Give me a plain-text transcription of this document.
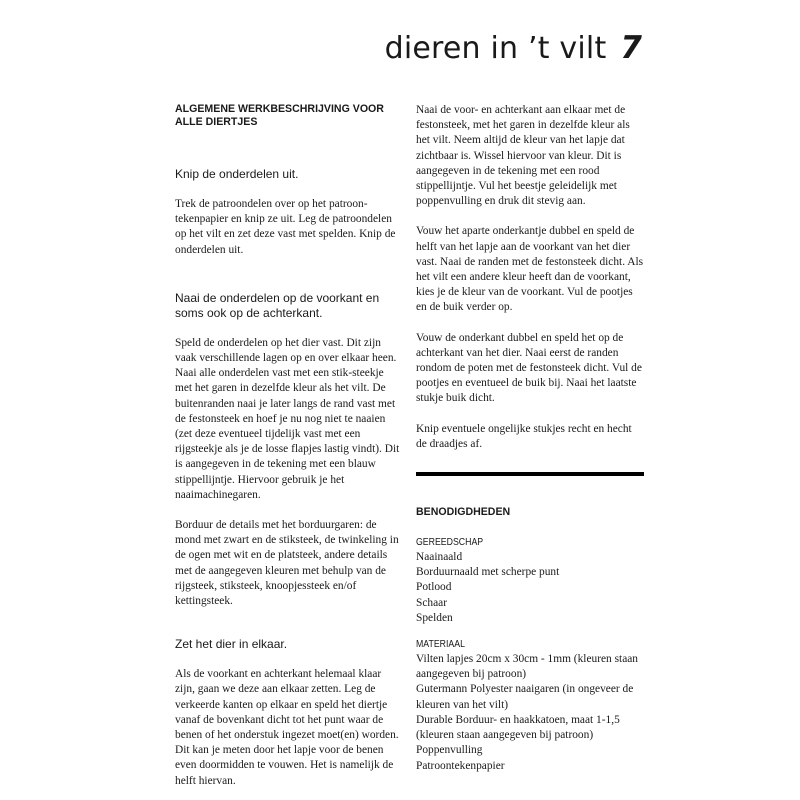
dieren in ’t vilt 7

ALGEMENE WERKBESCHRIJVING VOOR ALLE DIERTJES

Knip de onderdelen uit.

Trek de patroondelen over op het patroon-tekenpapier en knip ze uit. Leg de patroondelen op het vilt en zet deze vast met spelden. Knip de onderdelen uit.

Naai de onderdelen op de voorkant en soms ook op de achterkant.

Speld de onderdelen op het dier vast. Dit zijn vaak verschillende lagen op en over elkaar heen. Naai alle onderdelen vast met een stik-steekje met het garen in dezelfde kleur als het vilt. De buitenranden naai je later langs de rand vast met de festonsteek en hoef je nu nog niet te naaien (zet deze eventueel tijdelijk vast met een rijgsteekje als je de losse flapjes lastig vindt). Dit is aangegeven in de tekening met een blauw stippellijntje. Hiervoor gebruik je het naaimachinegaren.

Borduur de details met het borduurgaren: de mond met zwart en de stiksteek, de twinkeling in de ogen met wit en de platsteek, andere details met de aangegeven kleuren met behulp van de rijgsteek, stiksteek, knoopjessteek en/of kettingsteek.

Zet het dier in elkaar.

Als de voorkant en achterkant helemaal klaar zijn, gaan we deze aan elkaar zetten. Leg de verkeerde kanten op elkaar en speld het diertje vanaf de bovenkant dicht tot het punt waar de benen of het onderstuk ingezet moet(en) worden. Dit kan je meten door het lapje voor de benen even doormidden te vouwen. Het is namelijk de helft hiervan.

Naai de voor- en achterkant aan elkaar met de festonsteek, met het garen in dezelfde kleur als het vilt. Neem altijd de kleur van het lapje dat zichtbaar is. Wissel hiervoor van kleur. Dit is aangegeven in de tekening met een rood stippellijntje. Vul het beestje geleidelijk met poppenvulling en druk dit stevig aan.

Vouw het aparte onderkantje dubbel en speld de helft van het lapje aan de voorkant van het dier vast. Naai de randen met de festonsteek dicht. Als het vilt een andere kleur heeft dan de voorkant, kies je de kleur van de voorkant. Vul de pootjes en de buik verder op.

Vouw de onderkant dubbel en speld het op de achterkant van het dier. Naai eerst de randen rondom de poten met de festonsteek dicht. Vul de pootjes en eventueel de buik bij. Naai het laatste stukje buik dicht.

Knip eventuele ongelijke stukjes recht en hecht de draadjes af.

BENODIGDHEDEN

GEREEDSCHAP

Naainaald

Borduurnaald met scherpe punt

Potlood

Schaar

Spelden

MATERIAAL

Vilten lapjes 20cm x 30cm - 1mm (kleuren staan aangegeven bij patroon)

Gutermann Polyester naaigaren (in ongeveer de kleuren van het vilt)

Durable Borduur- en haakkatoen, maat 1-1,5 (kleuren staan aangegeven bij patroon)

Poppenvulling

Patroontekenpapier
